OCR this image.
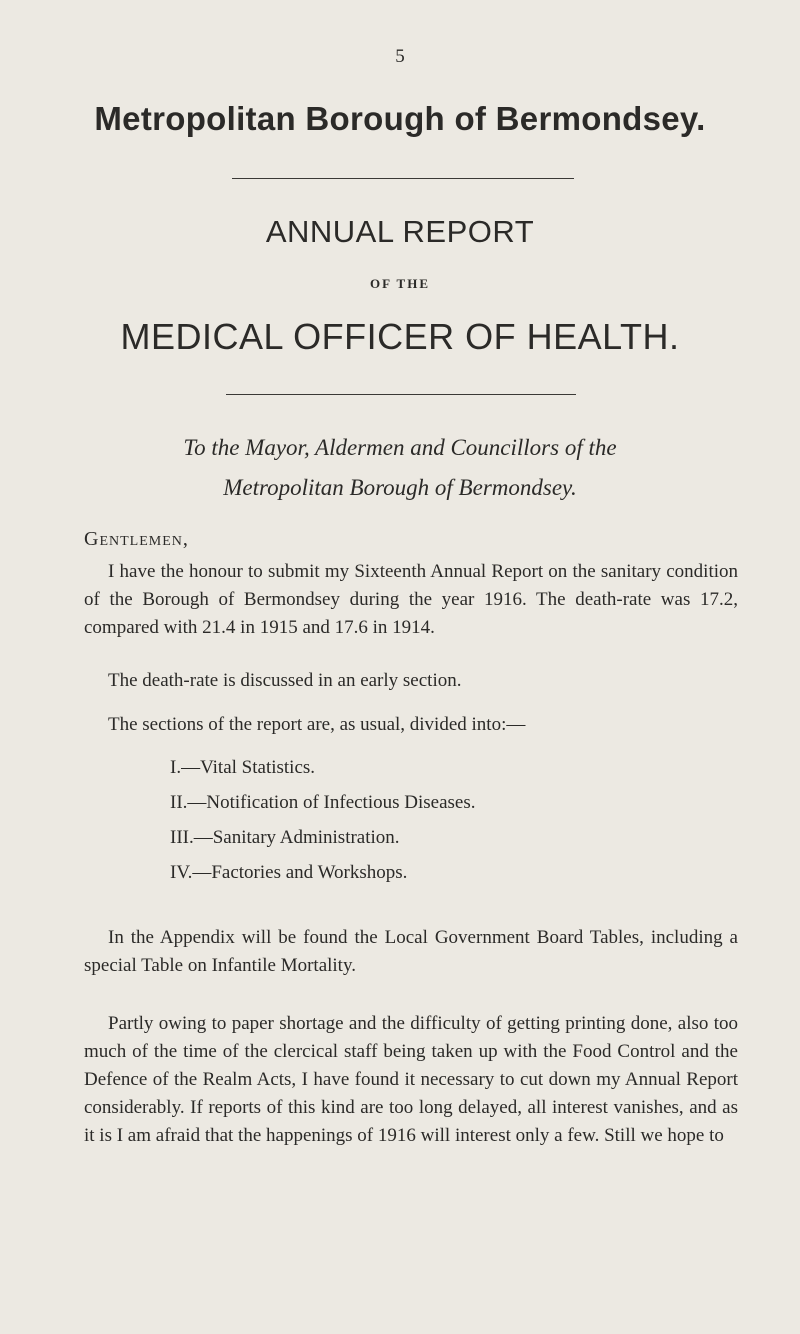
5
Metropolitan Borough of Bermondsey.
ANNUAL REPORT
OF THE
MEDICAL OFFICER OF HEALTH.
To the Mayor, Aldermen and Councillors of the
Metropolitan Borough of Bermondsey.
Gentlemen,
I have the honour to submit my Sixteenth Annual Report on the sanitary condition of the Borough of Bermondsey during the year 1916. The death-rate was 17.2, compared with 21.4 in 1915 and 17.6 in 1914.
The death-rate is discussed in an early section.
The sections of the report are, as usual, divided into:—
I.—Vital Statistics.
II.—Notification of Infectious Diseases.
III.—Sanitary Administration.
IV.—Factories and Workshops.
In the Appendix will be found the Local Government Board Tables, including a special Table on Infantile Mortality.
Partly owing to paper shortage and the difficulty of getting printing done, also too much of the time of the clercical staff being taken up with the Food Control and the Defence of the Realm Acts, I have found it necessary to cut down my Annual Report considerably. If reports of this kind are too long delayed, all interest vanishes, and as it is I am afraid that the happenings of 1916 will interest only a few. Still we hope to
